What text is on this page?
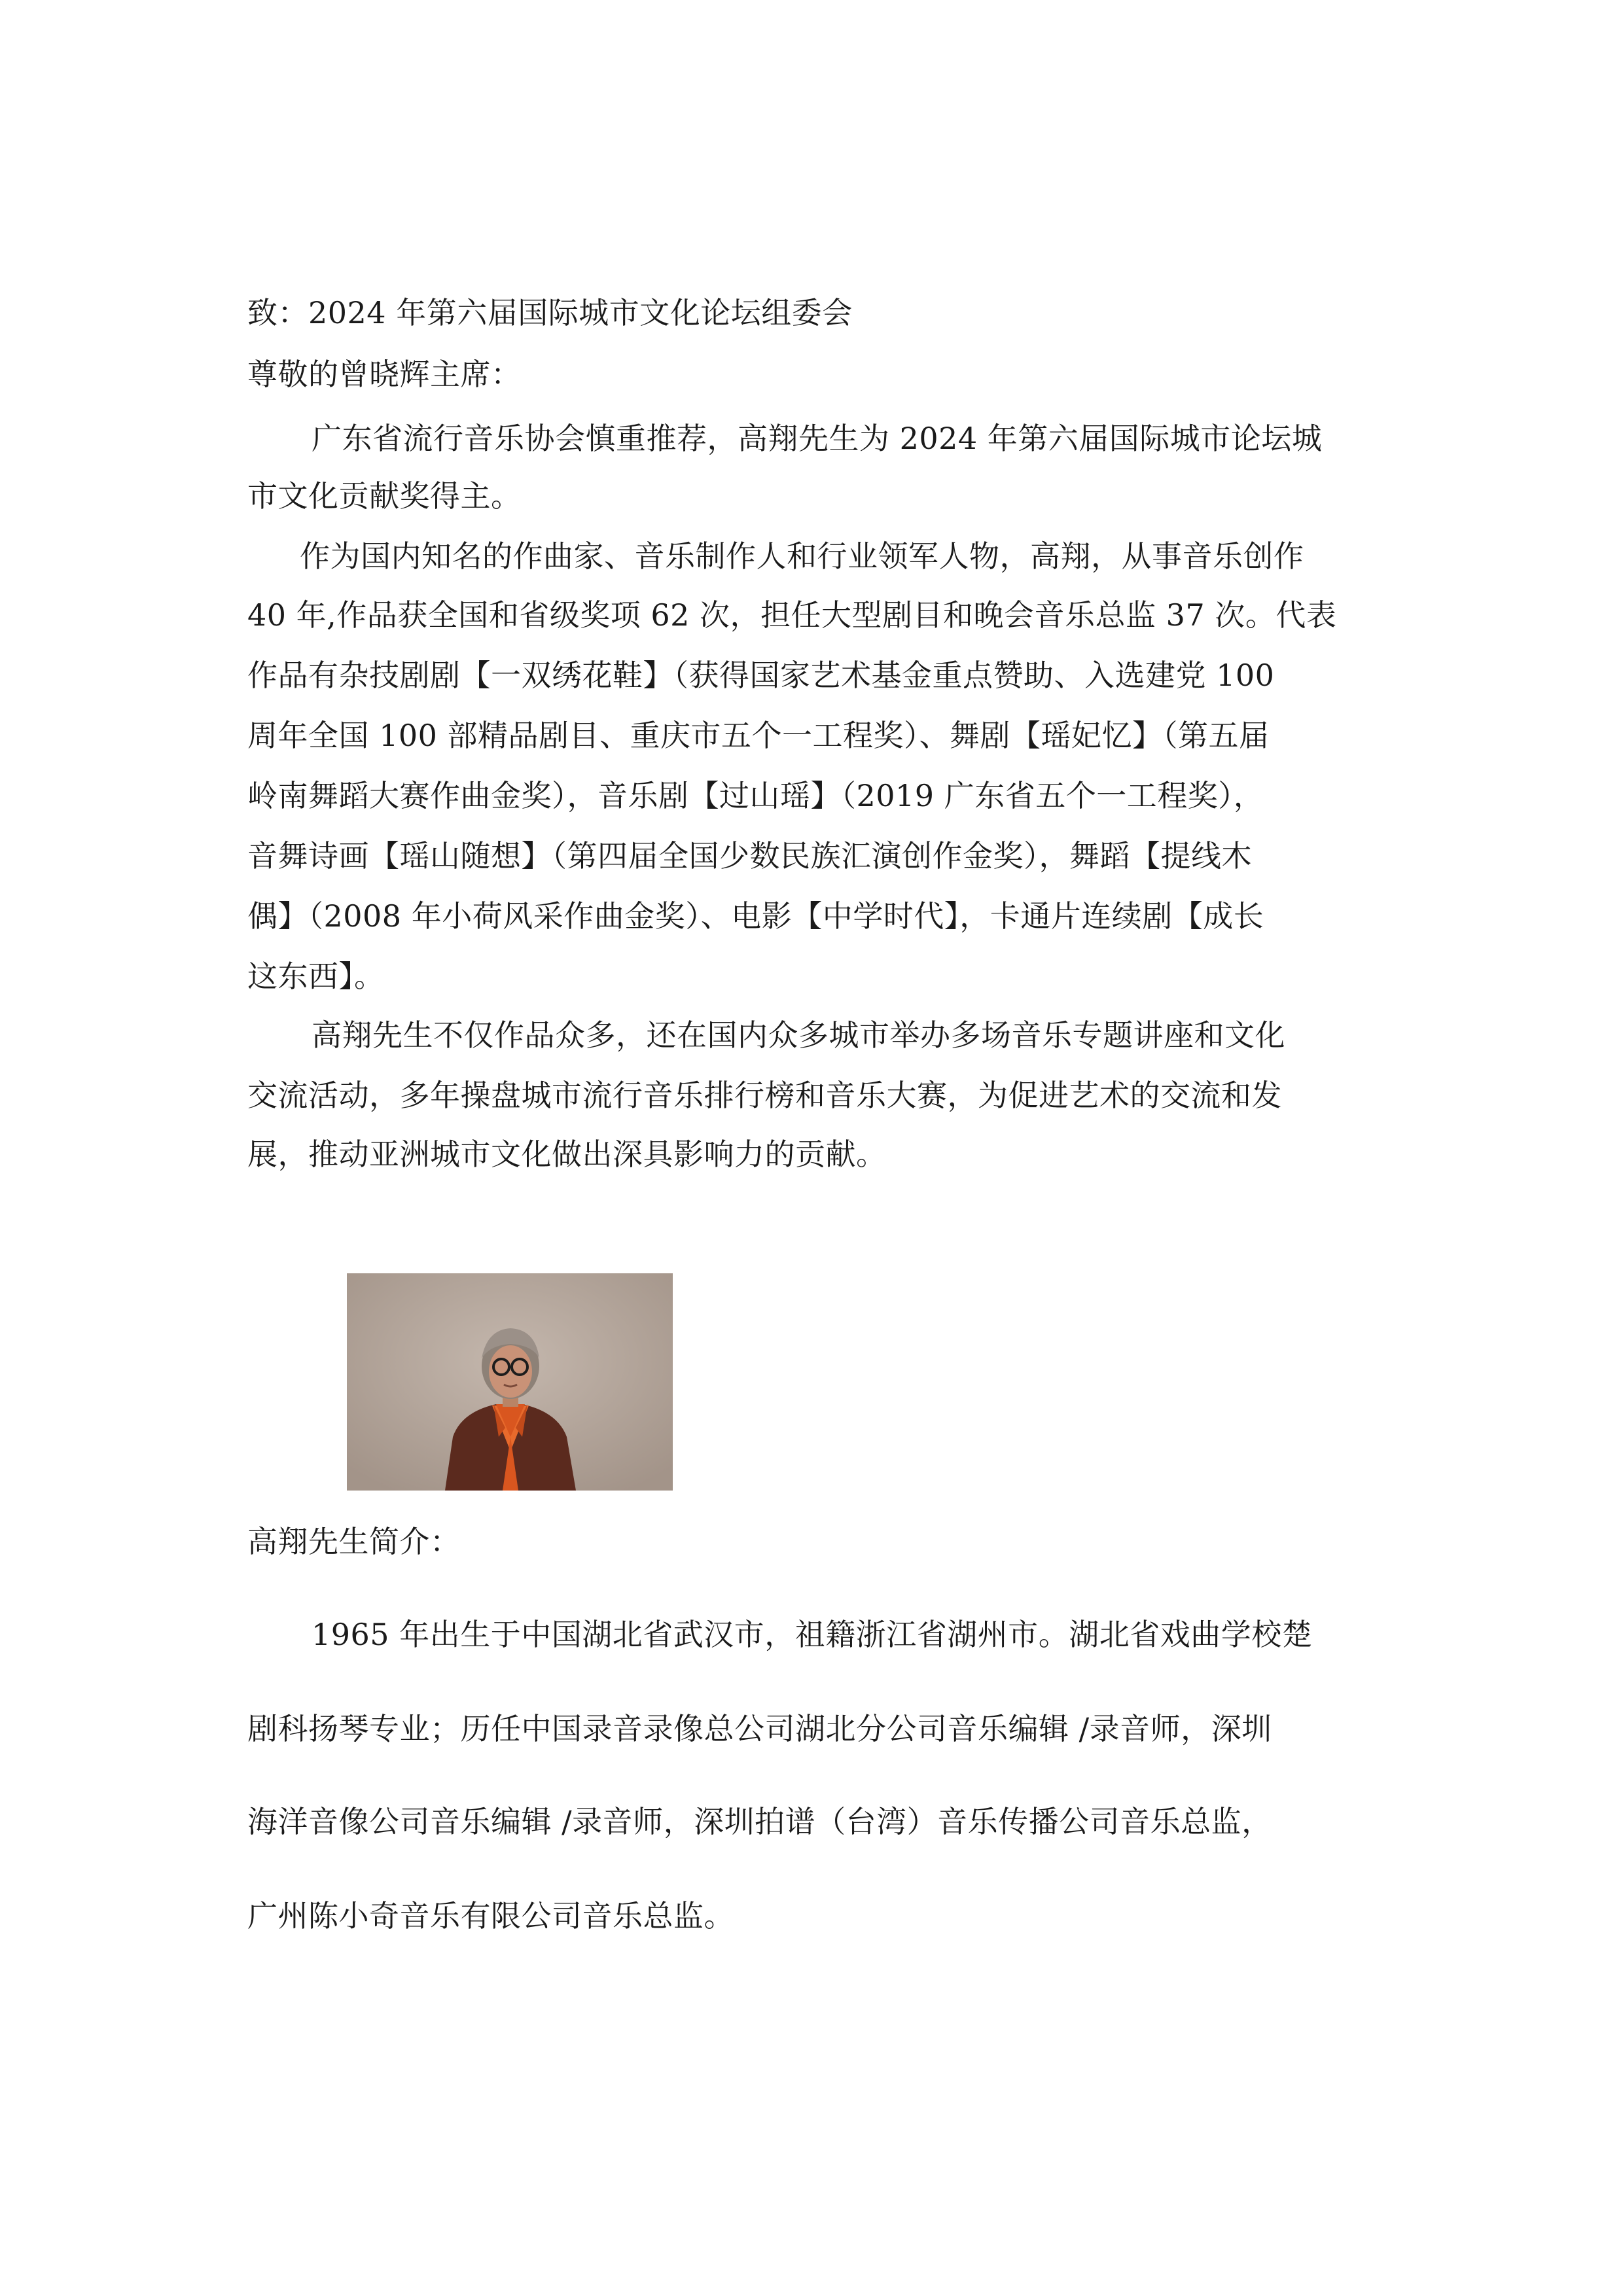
致：2024 年第六届国际城市文化论坛组委会

尊敬的曾晓辉主席：

广东省流行音乐协会慎重推荐，高翔先生为 2024 年第六届国际城市论坛城

市文化贡献奖得主。

作为国内知名的作曲家、音乐制作人和行业领军人物，高翔，从事音乐创作

40 年,作品获全国和省级奖项 62 次，担任大型剧目和晚会音乐总监 37 次。代表

作品有杂技剧剧【一双绣花鞋】（获得国家艺术基金重点赞助、入选建党 100

周年全国 100 部精品剧目、重庆市五个一工程奖）、舞剧【瑶妃忆】（第五届

岭南舞蹈大赛作曲金奖），音乐剧【过山瑶】（2019 广东省五个一工程奖），

音舞诗画【瑶山随想】（第四届全国少数民族汇演创作金奖），舞蹈【提线木

偶】（2008 年小荷风采作曲金奖）、电影【中学时代】，卡通片连续剧【成长

这东西】。

高翔先生不仅作品众多，还在国内众多城市举办多场音乐专题讲座和文化

交流活动，多年操盘城市流行音乐排行榜和音乐大赛，为促进艺术的交流和发

展，推动亚洲城市文化做出深具影响力的贡献。

高翔先生简介：

1965 年出生于中国湖北省武汉市，祖籍浙江省湖州市。湖北省戏曲学校楚

剧科扬琴专业；历任中国录音录像总公司湖北分公司音乐编辑 /录音师，深圳

海洋音像公司音乐编辑 /录音师，深圳拍谱（台湾）音乐传播公司音乐总监，

广州陈小奇音乐有限公司音乐总监。
